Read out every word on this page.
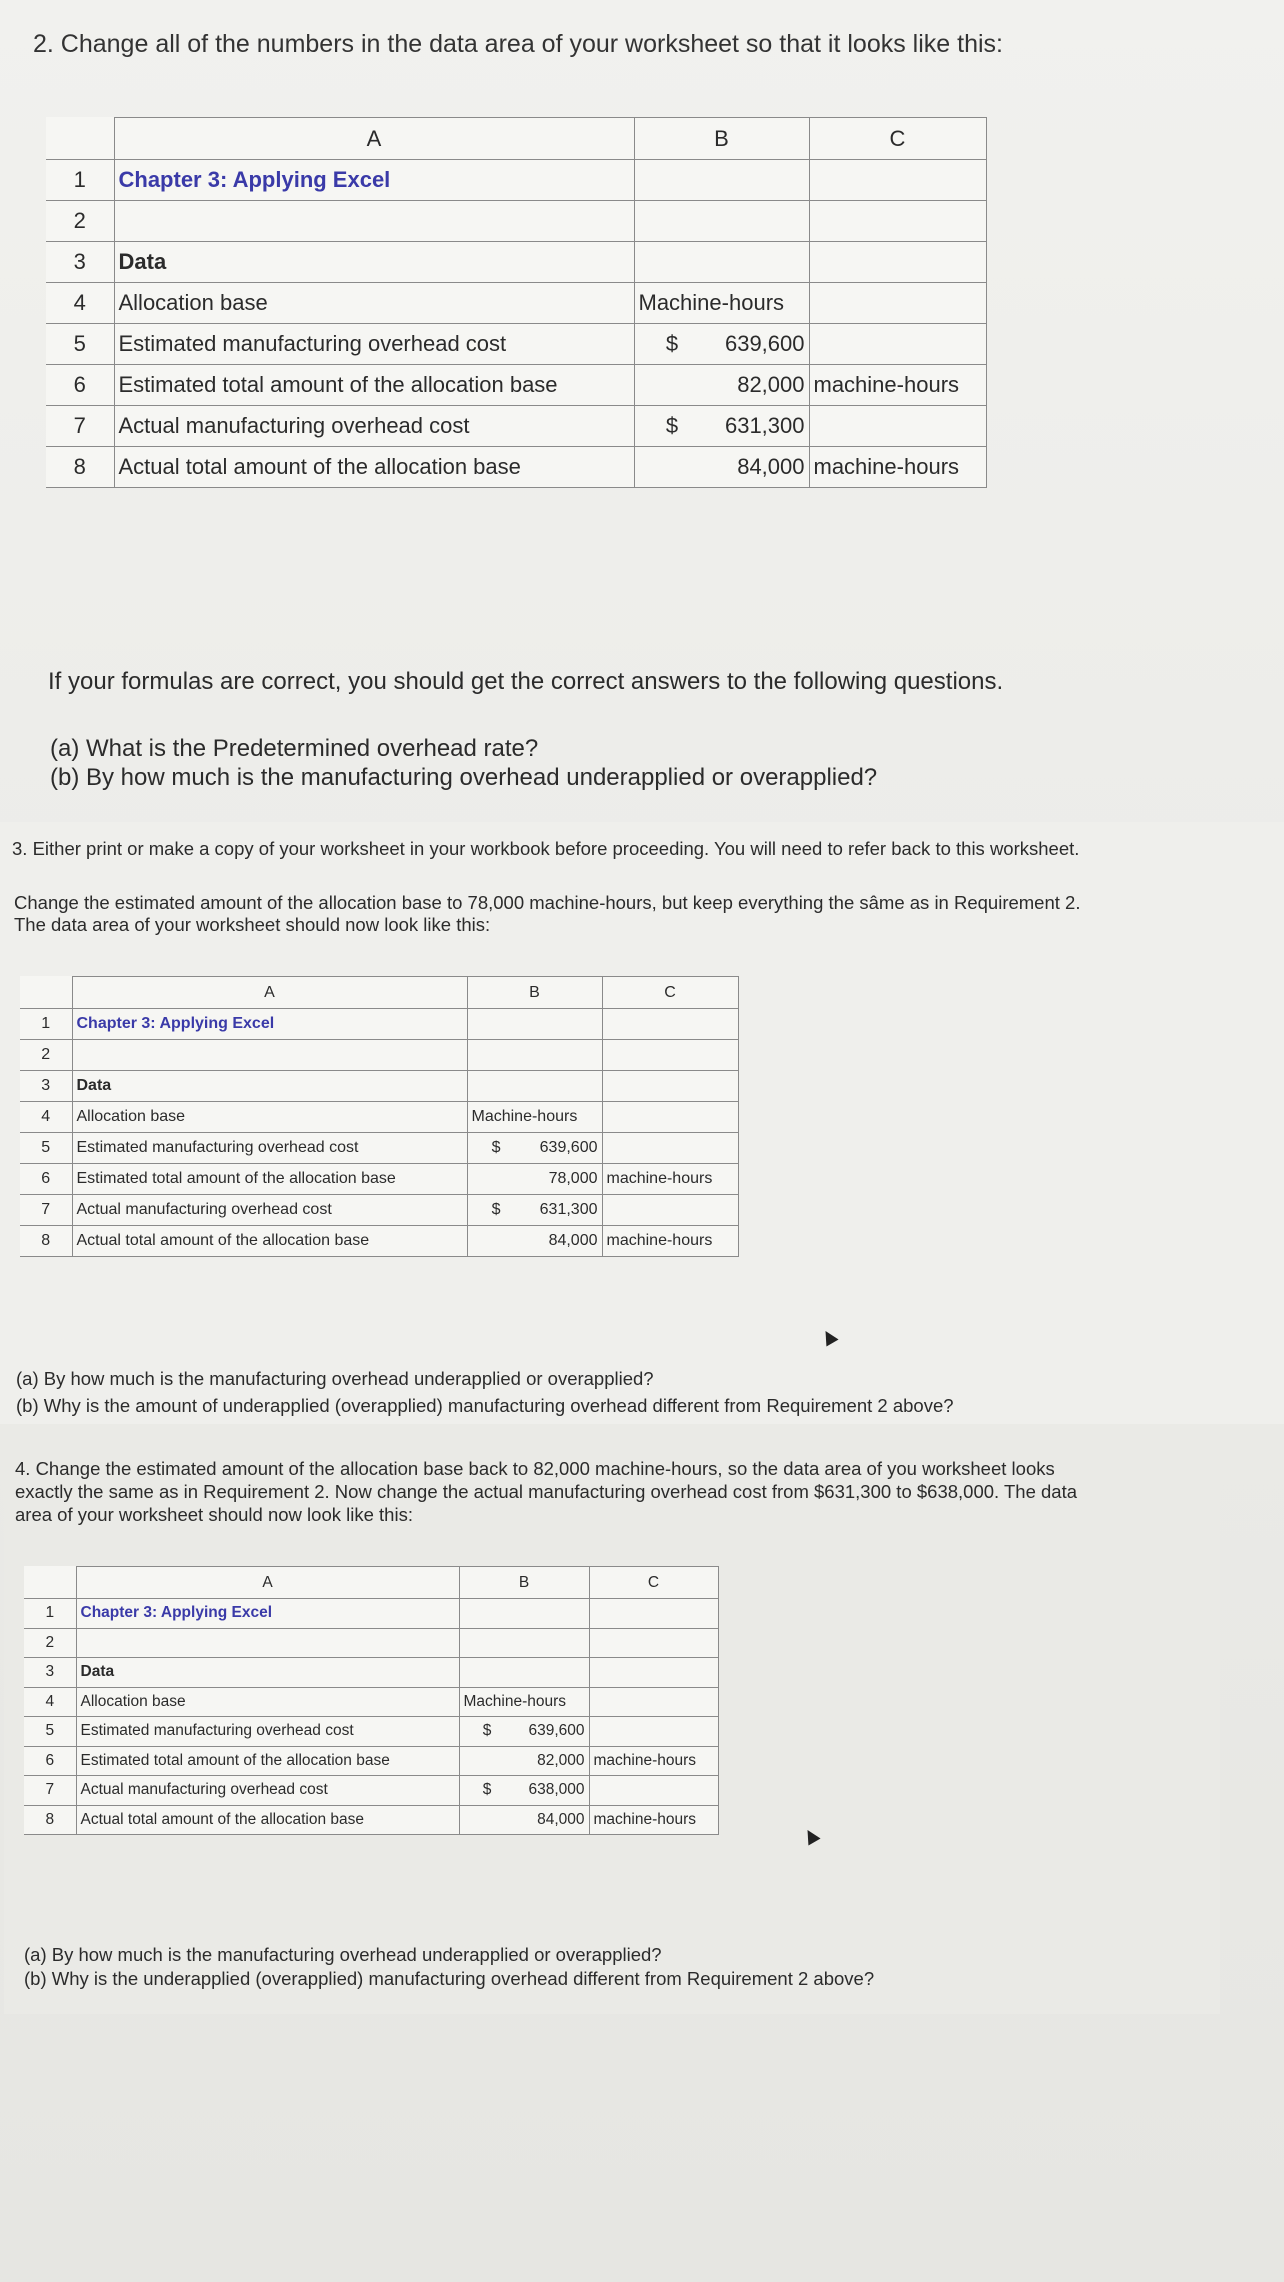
2. Change all of the numbers in the data area of your worksheet so that it looks like this:
	A	B	C
1	Chapter 3: Applying Excel		
2			
3	Data		
4	Allocation base	Machine-hours	
5	Estimated manufacturing overhead cost	$ 639,600	
6	Estimated total amount of the allocation base	82,000	machine-hours
7	Actual manufacturing overhead cost	$ 631,300	
8	Actual total amount of the allocation base	84,000	machine-hours
If your formulas are correct, you should get the correct answers to the following questions.
(a) What is the Predetermined overhead rate?
(b) By how much is the manufacturing overhead underapplied or overapplied?
3. Either print or make a copy of your worksheet in your workbook before proceeding. You will need to refer back to this worksheet.
Change the estimated amount of the allocation base to 78,000 machine-hours, but keep everything the sâme as in Requirement 2.
The data area of your worksheet should now look like this:
	A	B	C
1	Chapter 3: Applying Excel		
2			
3	Data		
4	Allocation base	Machine-hours	
5	Estimated manufacturing overhead cost	$ 639,600	
6	Estimated total amount of the allocation base	78,000	machine-hours
7	Actual manufacturing overhead cost	$ 631,300	
8	Actual total amount of the allocation base	84,000	machine-hours
(a) By how much is the manufacturing overhead underapplied or overapplied?
(b) Why is the amount of underapplied (overapplied) manufacturing overhead different from Requirement 2 above?
4. Change the estimated amount of the allocation base back to 82,000 machine-hours, so the data area of you worksheet looks
exactly the same as in Requirement 2. Now change the actual manufacturing overhead cost from $631,300 to $638,000. The data
area of your worksheet should now look like this:
	A	B	C
1	Chapter 3: Applying Excel		
2			
3	Data		
4	Allocation base	Machine-hours	
5	Estimated manufacturing overhead cost	$ 639,600	
6	Estimated total amount of the allocation base	82,000	machine-hours
7	Actual manufacturing overhead cost	$ 638,000	
8	Actual total amount of the allocation base	84,000	machine-hours
(a) By how much is the manufacturing overhead underapplied or overapplied?
(b) Why is the underapplied (overapplied) manufacturing overhead different from Requirement 2 above?
